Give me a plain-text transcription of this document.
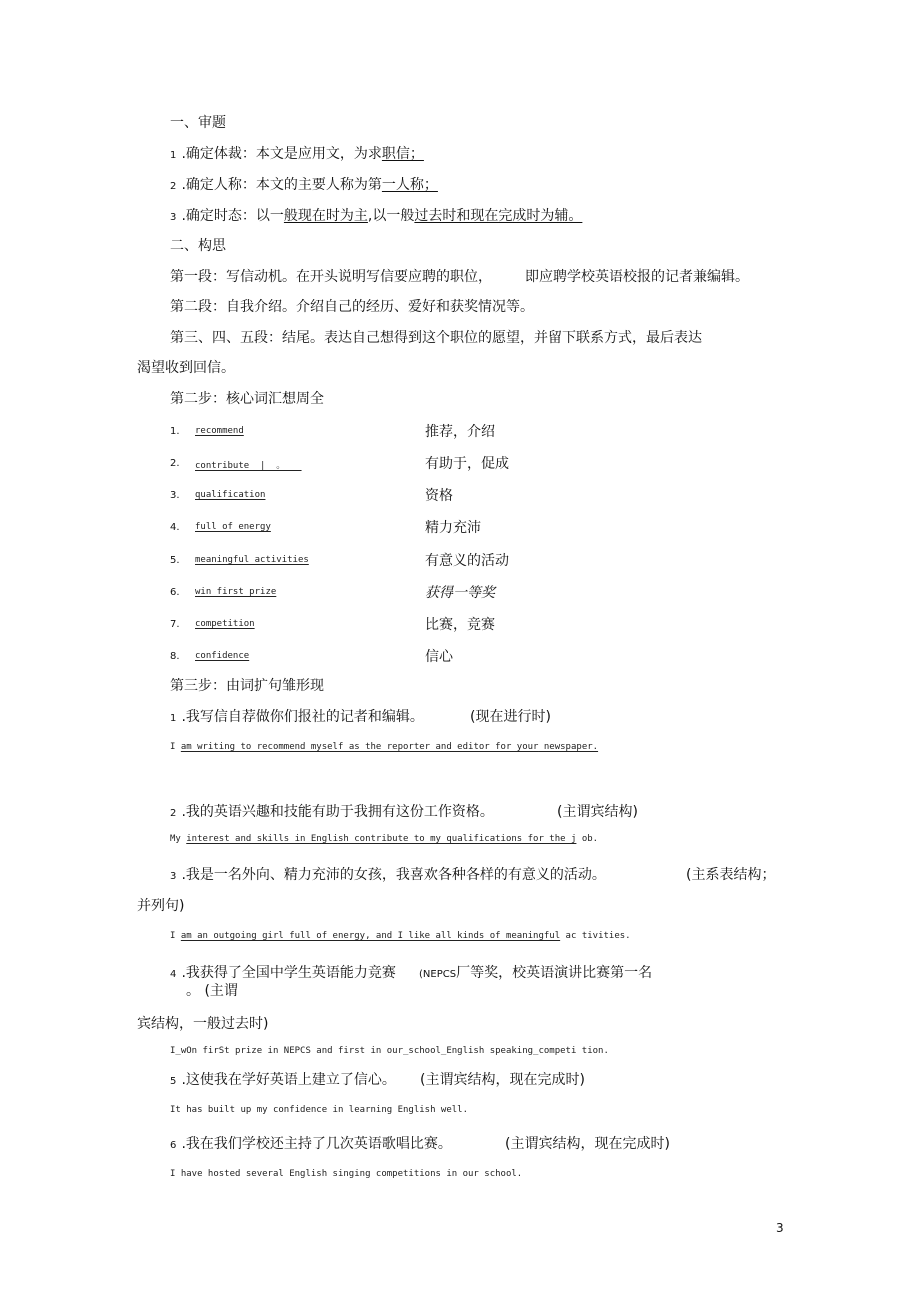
一、审题
1 .确定体裁：本文是应用文，为求职信；
2 .确定人称：本文的主要人称为第一人称；
3 .确定时态：以一般现在时为主,以一般过去时和现在完成时为辅。
二、构思
第一段：写信动机。在开头说明写信要应聘的职位， 即应聘学校英语校报的记者兼编辑。
第二段：自我介绍。介绍自己的经历、爱好和获奖情况等。
第三、四、五段：结尾。表达自己想得到这个职位的愿望，并留下联系方式，最后表达
渴望收到回信。
第二步：核心词汇想周全
1. recommend	推荐，介绍
2. contribute  |  。	有助于，促成
3. qualification	资格
4. full of energy	精力充沛
5. meaningful activities	有意义的活动
6. win first prize	获得一等奖
7. competition	比赛，竞赛
8. confidence	信心
第三步：由词扩句雏形现
1 .我写信自荐做你们报社的记者和编辑。	(现在进行时)
I am writing to recommend myself as the reporter and editor for your newspaper.
2 .我的英语兴趣和技能有助于我拥有这份工作资格。	(主谓宾结构)
My interest and skills in English contribute to my qualifications for the j ob.
3 .我是一名外向、精力充沛的女孩，我喜欢各种各样的有意义的活动。	(主系表结构；
并列句)
I am an outgoing girl full of energy, and I like all kinds of meaningful ac tivities.
4 .我获得了全国中学生英语能力竞赛 (NEPCS厂等奖，校英语演讲比赛第一名
。 (主谓
宾结构，一般过去时)
I_wOn firSt prize in NEPCS and first in our_school_English speaking_competi tion.
5 .这使我在学好英语上建立了信心。 (主谓宾结构，现在完成时)
It has built up my confidence in learning English well.
6 .我在我们学校还主持了几次英语歌唱比赛。	(主谓宾结构，现在完成时)
I have hosted several English singing competitions in our school.
3
